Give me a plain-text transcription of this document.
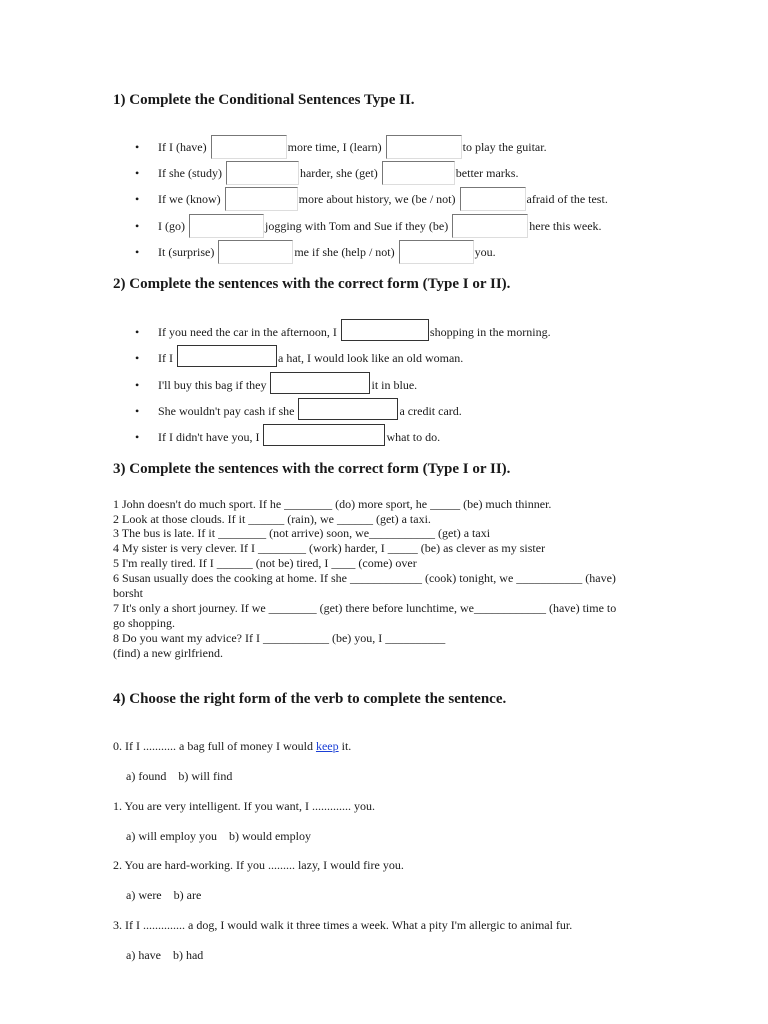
1) Complete the Conditional Sentences Type II.
• If I (have)	more time, I (learn)	to play the guitar.
• If she (study)	harder, she (get)	better marks.
• If we (know)	more about history, we (be / not)	afraid of the test.
• I (go)	jogging with Tom and Sue if they (be)	here this week.
• It (surprise)	me if she (help / not)	you.
2) Complete the sentences with the correct form (Type I or II).
• If you need the car in the afternoon, I	shopping in the morning.
• If I	a hat, I would look like an old woman.
• I'll buy this bag if they	it in blue.
• She wouldn't pay cash if she	a credit card.
• If I didn't have you, I	what to do.
3) Complete the sentences with the correct form (Type I or II).
1 John doesn't do much sport. If he ________ (do) more sport, he _____ (be) much thinner.
2 Look at those clouds. If it ______ (rain), we ______ (get) a taxi.
3 The bus is late. If it ________ (not arrive) soon, we___________ (get) a taxi
4 My sister is very clever. If I ________ (work) harder, I _____ (be) as clever as my sister
5 I'm really tired. If I ______ (not be) tired, I ____ (come) over
6 Susan usually does the cooking at home. If she ____________ (cook) tonight, we ___________ (have)
borsht
7 It's only a short journey. If we ________ (get) there before lunchtime, we____________ (have) time to
go shopping.
8 Do you want my advice? If I ___________ (be) you, I __________
(find) a new girlfriend.
4) Choose the right form of the verb to complete the sentence.
0. If I ........... a bag full of money I would keep it.
a) found    b) will find
1. You are very intelligent. If you want, I ............. you.
a) will employ you    b) would employ
2. You are hard-working. If you ......... lazy, I would fire you.
a) were    b) are
3. If I .............. a dog, I would walk it three times a week. What a pity I'm allergic to animal fur.
a) have    b) had
